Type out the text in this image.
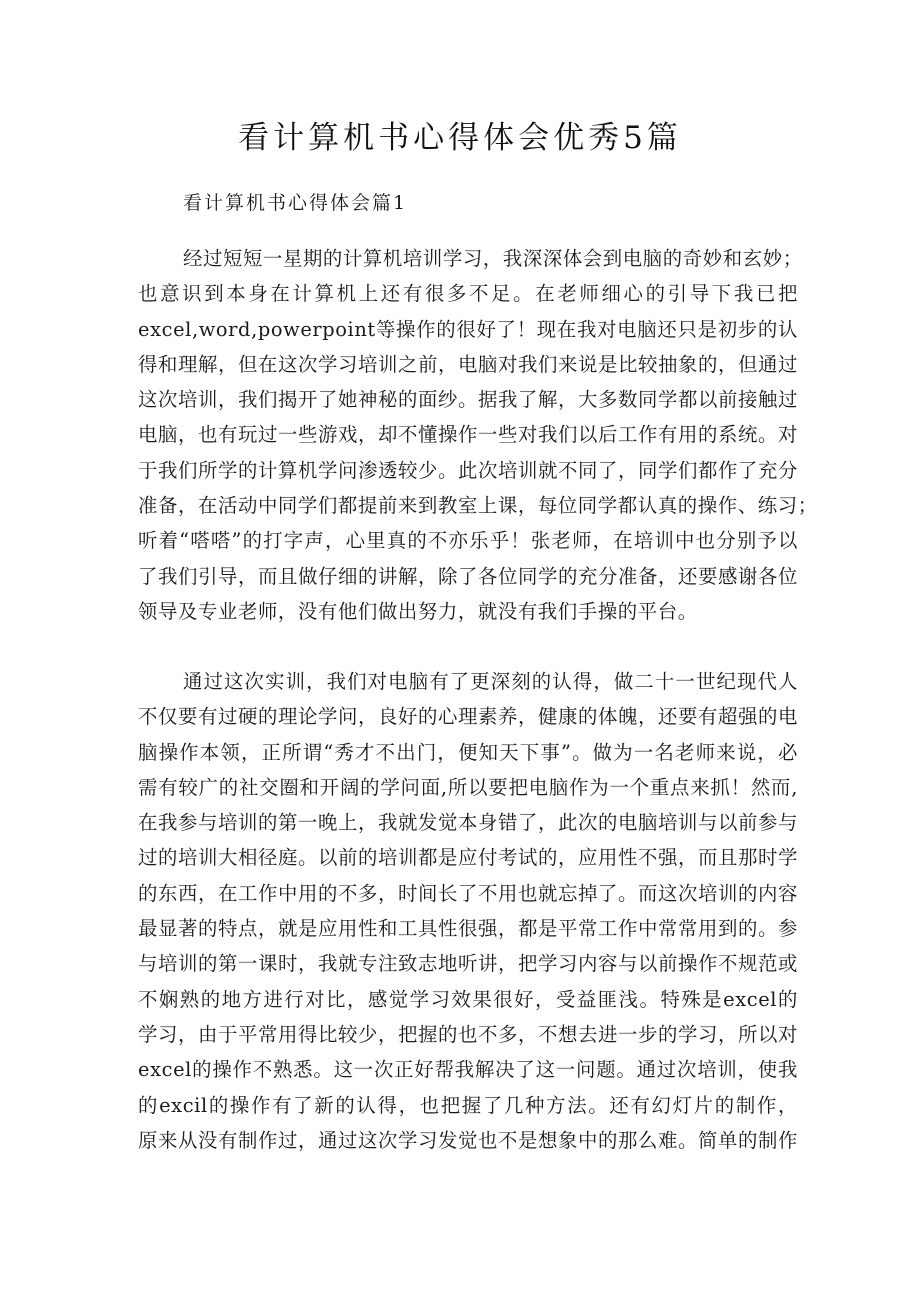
看计算机书心得体会优秀5篇
看计算机书心得体会篇1
经过短短一星期的计算机培训学习，我深深体会到电脑的奇妙和玄妙；
也意识到本身在计算机上还有很多不足。在老师细心的引导下我已把
excel,word,powerpoint等操作的很好了！现在我对电脑还只是初步的认
得和理解，但在这次学习培训之前，电脑对我们来说是比较抽象的，但通过
这次培训，我们揭开了她神秘的面纱。据我了解，大多数同学都以前接触过
电脑，也有玩过一些游戏，却不懂操作一些对我们以后工作有用的系统。对
于我们所学的计算机学问渗透较少。此次培训就不同了，同学们都作了充分
准备，在活动中同学们都提前来到教室上课，每位同学都认真的操作、练习；
听着“嗒嗒”的打字声，心里真的不亦乐乎！张老师，在培训中也分别予以
了我们引导，而且做仔细的讲解，除了各位同学的充分准备，还要感谢各位
领导及专业老师，没有他们做出努力，就没有我们手操的平台。
通过这次实训，我们对电脑有了更深刻的认得，做二十一世纪现代人
不仅要有过硬的理论学问，良好的心理素养，健康的体魄，还要有超强的电
脑操作本领，正所谓“秀才不出门，便知天下事”。做为一名老师来说，必
需有较广的社交圈和开阔的学问面,所以要把电脑作为一个重点来抓！然而,
在我参与培训的第一晚上，我就发觉本身错了，此次的电脑培训与以前参与
过的培训大相径庭。以前的培训都是应付考试的，应用性不强，而且那时学
的东西，在工作中用的不多，时间长了不用也就忘掉了。而这次培训的内容
最显著的特点，就是应用性和工具性很强，都是平常工作中常常用到的。参
与培训的第一课时，我就专注致志地听讲，把学习内容与以前操作不规范或
不娴熟的地方进行对比，感觉学习效果很好，受益匪浅。特殊是excel的
学习，由于平常用得比较少，把握的也不多，不想去进一步的学习，所以对
excel的操作不熟悉。这一次正好帮我解决了这一问题。通过次培训，使我
的excil的操作有了新的认得，也把握了几种方法。还有幻灯片的制作，
原来从没有制作过，通过这次学习发觉也不是想象中的那么难。简单的制作
